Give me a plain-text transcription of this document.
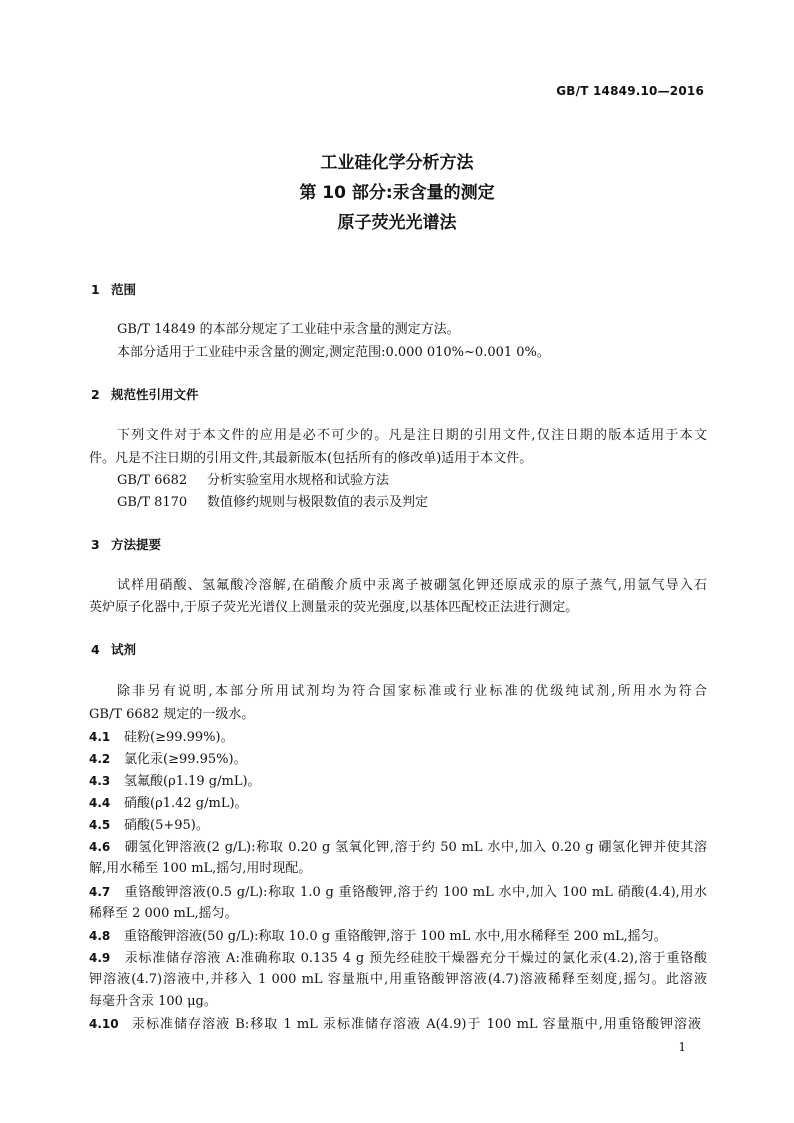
GB/T 14849.10—2016
工业硅化学分析方法
第 10 部分:汞含量的测定
原子荧光光谱法
1 范围
GB/T 14849 的本部分规定了工业硅中汞含量的测定方法。
本部分适用于工业硅中汞含量的测定,测定范围:0.000 010%~0.001 0%。
2 规范性引用文件
下列文件对于本文件的应用是必不可少的。凡是注日期的引用文件,仅注日期的版本适用于本文
件。凡是不注日期的引用文件,其最新版本(包括所有的修改单)适用于本文件。
GB/T 6682 分析实验室用水规格和试验方法
GB/T 8170 数值修约规则与极限数值的表示及判定
3 方法提要
试样用硝酸、氢氟酸冷溶解,在硝酸介质中汞离子被硼氢化钾还原成汞的原子蒸气,用氩气导入石
英炉原子化器中,于原子荧光光谱仪上测量汞的荧光强度,以基体匹配校正法进行测定。
4 试剂
除非另有说明,本部分所用试剂均为符合国家标准或行业标准的优级纯试剂,所用水为符合
GB/T 6682 规定的一级水。
4.1 硅粉(≥99.99%)。
4.2 氯化汞(≥99.95%)。
4.3 氢氟酸(ρ1.19 g/mL)。
4.4 硝酸(ρ1.42 g/mL)。
4.5 硝酸(5+95)。
4.6 硼氢化钾溶液(2 g/L):称取 0.20 g 氢氧化钾,溶于约 50 mL 水中,加入 0.20 g 硼氢化钾并使其溶
解,用水稀至 100 mL,摇匀,用时现配。
4.7 重铬酸钾溶液(0.5 g/L):称取 1.0 g 重铬酸钾,溶于约 100 mL 水中,加入 100 mL 硝酸(4.4),用水
稀释至 2 000 mL,摇匀。
4.8 重铬酸钾溶液(50 g/L):称取 10.0 g 重铬酸钾,溶于 100 mL 水中,用水稀释至 200 mL,摇匀。
4.9 汞标准储存溶液 A:准确称取 0.135 4 g 预先经硅胶干燥器充分干燥过的氯化汞(4.2),溶于重铬酸
钾溶液(4.7)溶液中,并移入 1 000 mL 容量瓶中,用重铬酸钾溶液(4.7)溶液稀释至刻度,摇匀。此溶液
每毫升含汞 100 μg。
4.10 汞标准储存溶液 B:移取 1 mL 汞标准储存溶液 A(4.9)于 100 mL 容量瓶中,用重铬酸钾溶液
1
